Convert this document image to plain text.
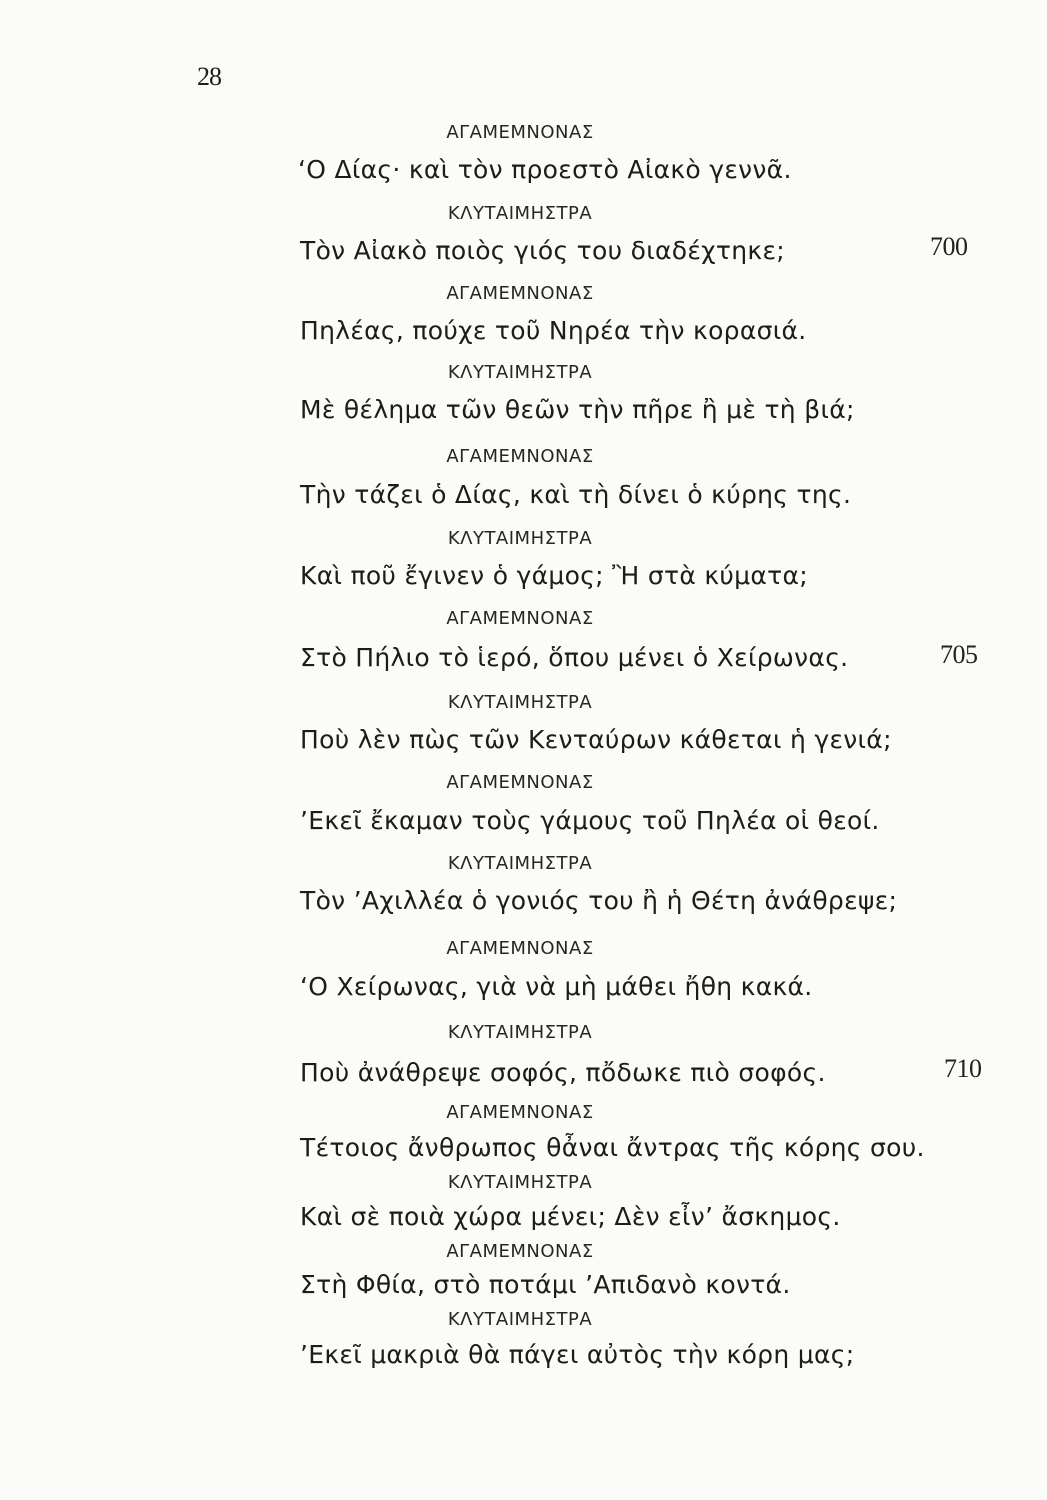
28
ΑΓΑΜΕΜΝΟΝΑΣ
‘Ο Δίας· καὶ τὸν προεστὸ Αἰακὸ γεννᾶ.
ΚΛΥΤΑΙΜΗΣΤΡΑ
Τὸν Αἰακὸ ποιὸς γιός του διαδέχτηκε;
ΑΓΑΜΕΜΝΟΝΑΣ
Πηλέας, πούχε τοῦ Νηρέα τὴν κορασιά.
ΚΛΥΤΑΙΜΗΣΤΡΑ
Μὲ θέλημα τῶν θεῶν τὴν πῆρε ἢ μὲ τὴ βιά;
ΑΓΑΜΕΜΝΟΝΑΣ
Τὴν τάζει ὁ Δίας, καὶ τὴ δίνει ὁ κύρης της.
ΚΛΥΤΑΙΜΗΣΤΡΑ
Καὶ ποῦ ἔγινεν ὁ γάμος; Ἢ στὰ κύματα;
ΑΓΑΜΕΜΝΟΝΑΣ
Στὸ Πήλιο τὸ ἱερό, ὅπου μένει ὁ Χείρωνας.
ΚΛΥΤΑΙΜΗΣΤΡΑ
Ποὺ λὲν πὼς τῶν Κενταύρων κάθεται ἡ γενιά;
ΑΓΑΜΕΜΝΟΝΑΣ
’Εκεῖ ἔκαμαν τοὺς γάμους τοῦ Πηλέα οἱ θεοί.
ΚΛΥΤΑΙΜΗΣΤΡΑ
Τὸν ’Αχιλλέα ὁ γονιός του ἢ ἡ Θέτη ἀνάθρεψε;
ΑΓΑΜΕΜΝΟΝΑΣ
‘Ο Χείρωνας, γιὰ νὰ μὴ μάθει ἤθη κακά.
ΚΛΥΤΑΙΜΗΣΤΡΑ
Ποὺ ἀνάθρεψε σοφός, πὄδωκε πιὸ σοφός.
ΑΓΑΜΕΜΝΟΝΑΣ
Τέτοιος ἄνθρωπος θἆναι ἄντρας τῆς κόρης σου.
ΚΛΥΤΑΙΜΗΣΤΡΑ
Καὶ σὲ ποιὰ χώρα μένει; Δὲν εἶν’ ἄσκημος.
ΑΓΑΜΕΜΝΟΝΑΣ
Στὴ Φθία, στὸ ποτάμι ’Απιδανὸ κοντά.
ΚΛΥΤΑΙΜΗΣΤΡΑ
’Εκεῖ μακριὰ θὰ πάγει αὐτὸς τὴν κόρη μας;
700
705
710
